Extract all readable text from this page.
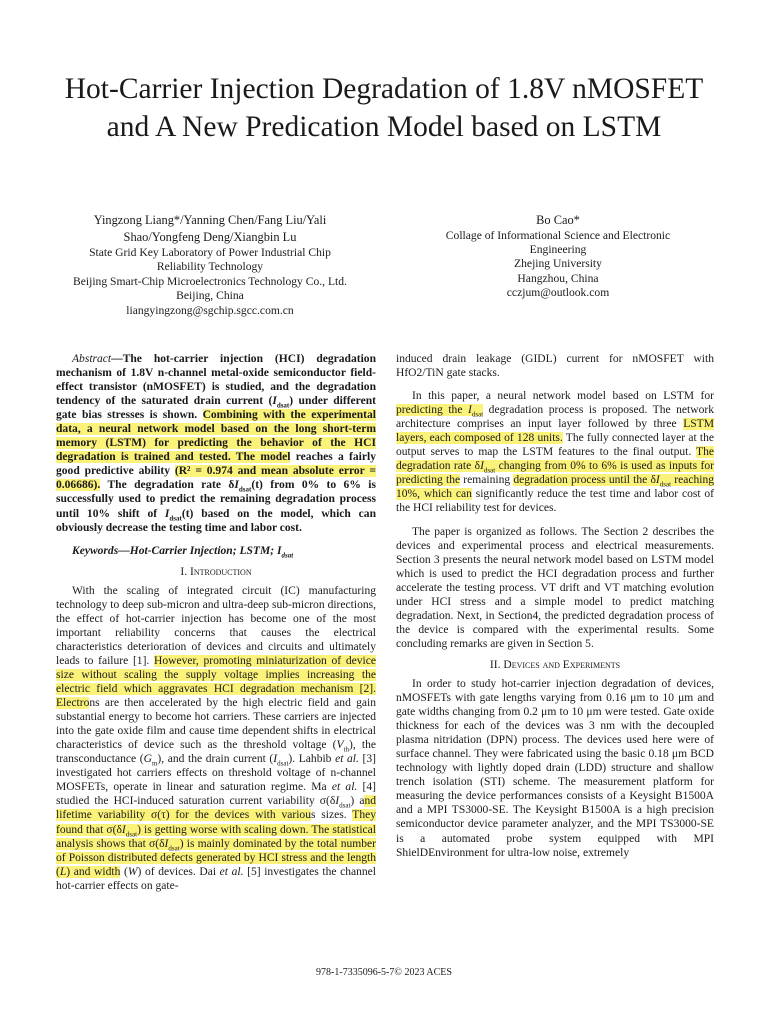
Hot-Carrier Injection Degradation of 1.8V nMOSFET
and A New Predication Model based on LSTM
Yingzong Liang*/Yanning Chen/Fang Liu/Yali
Shao/Yongfeng Deng/Xiangbin Lu
State Grid Key Laboratory of Power Industrial Chip
Reliability Technology
Beijing Smart-Chip Microelectronics Technology Co., Ltd.
Beijing, China
liangyingzong@sgchip.sgcc.com.cn
Bo Cao*
Collage of Informational Science and Electronic
Engineering
Zhejing University
Hangzhou, China
cczjum@outlook.com

Abstract—The hot-carrier injection (HCI) degradation mechanism of 1.8V n-channel metal-oxide semiconductor field-effect transistor (nMOSFET) is studied, and the degradation tendency of the saturated drain current $(I_{dsat})$ under different gate bias stresses is shown. Combining with the experimental data, a neural network model based on the long short-term memory (LSTM) for predicting the behavior of the HCI degradation is trained and tested. The model reaches a fairly good predictive ability (R² = 0.974 and mean absolute error = 0.06686). The degradation rate $\delta I_{dsat}(t)$ from 0% to 6% is successfully used to predict the remaining degradation process until 10% shift of $I_{dsat}(t)$ based on the model, which can obviously decrease the testing time and labor cost.

Keywords—Hot-Carrier Injection; LSTM; $I_{dsat}$

I. Introduction

With the scaling of integrated circuit (IC) manufacturing technology to deep sub-micron and ultra-deep sub-micron directions, the effect of hot-carrier injection has become one of the most important reliability concerns that causes the electrical characteristics deterioration of devices and circuits and ultimately leads to failure [1]. However, promoting miniaturization of device size without scaling the supply voltage implies increasing the electric field which aggravates HCI degradation mechanism [2]. Electrons are then accelerated by the high electric field and gain substantial energy to become hot carriers. These carriers are injected into the gate oxide film and cause time dependent shifts in electrical characteristics of device such as the threshold voltage $(V_{th})$, the transconductance $(G_m)$, and the drain current $(I_{dsat})$. Lahbib et al. [3] investigated hot carriers effects on threshold voltage of n-channel MOSFETs, operate in linear and saturation regime. Ma et al. [4] studied the HCI-induced saturation current variability $\sigma(\delta I_{dsat})$ and lifetime variability σ(τ) for the devices with various sizes. They found that $\sigma(\delta I_{dsat})$ is getting worse with scaling down. The statistical analysis shows that $\sigma(\delta I_{dsat})$ is mainly dominated by the total number of Poisson distributed defects generated by HCI stress and the length (L) and width (W) of devices. Dai et al. [5] investigates the channel hot-carrier effects on gate-

induced drain leakage (GIDL) current for nMOSFET with HfO2/TiN gate stacks.

In this paper, a neural network model based on LSTM for predicting the $I_{dsat}$ degradation process is proposed. The network architecture comprises an input layer followed by three LSTM layers, each composed of 128 units. The fully connected layer at the output serves to map the LSTM features to the final output. The degradation rate $\delta I_{dsat}$ changing from 0% to 6% is used as inputs for predicting the remaining degradation process until the $\delta I_{dsat}$ reaching 10%, which can significantly reduce the test time and labor cost of the HCI reliability test for devices.

The paper is organized as follows. The Section 2 describes the devices and experimental process and electrical measurements. Section 3 presents the neural network model based on LSTM model which is used to predict the HCI degradation process and further accelerate the testing process. VT drift and VT matching evolution under HCI stress and a simple model to predict matching degradation. Next, in Section4, the predicted degradation process of the device is compared with the experimental results. Some concluding remarks are given in Section 5.

II. Devices and Experiments

In order to study hot-carrier injection degradation of devices, nMOSFETs with gate lengths varying from 0.16 μm to 10 μm and gate widths changing from 0.2 μm to 10 μm were tested. Gate oxide thickness for each of the devices was 3 nm with the decoupled plasma nitridation (DPN) process. The devices used here were of surface channel. They were fabricated using the basic 0.18 μm BCD technology with lightly doped drain (LDD) structure and shallow trench isolation (STI) scheme. The measurement platform for measuring the device performances consists of a Keysight B1500A and a MPI TS3000-SE. The Keysight B1500A is a high precision semiconductor device parameter analyzer, and the MPI TS3000-SE is a automated probe system equipped with MPI ShielDEnvironment for ultra-low noise, extremely

978-1-7335096-5-7© 2023 ACES
